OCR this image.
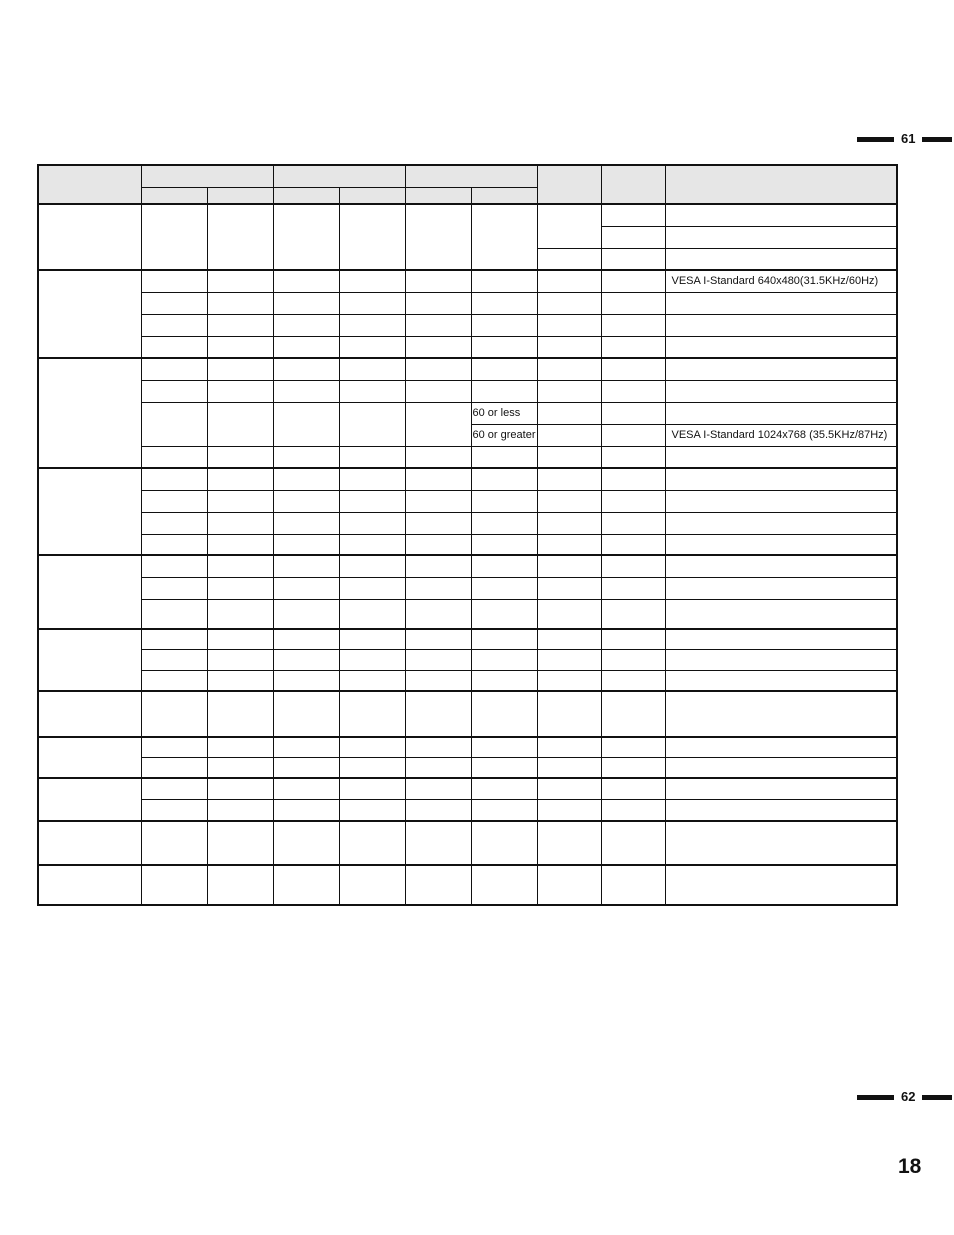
61

									VESA I-Standard 640x480(31.5KHz/60Hz)

						60 or less			
						60 or greater			VESA I-Standard 1024x768 (35.5KHz/87Hz)

62
18
